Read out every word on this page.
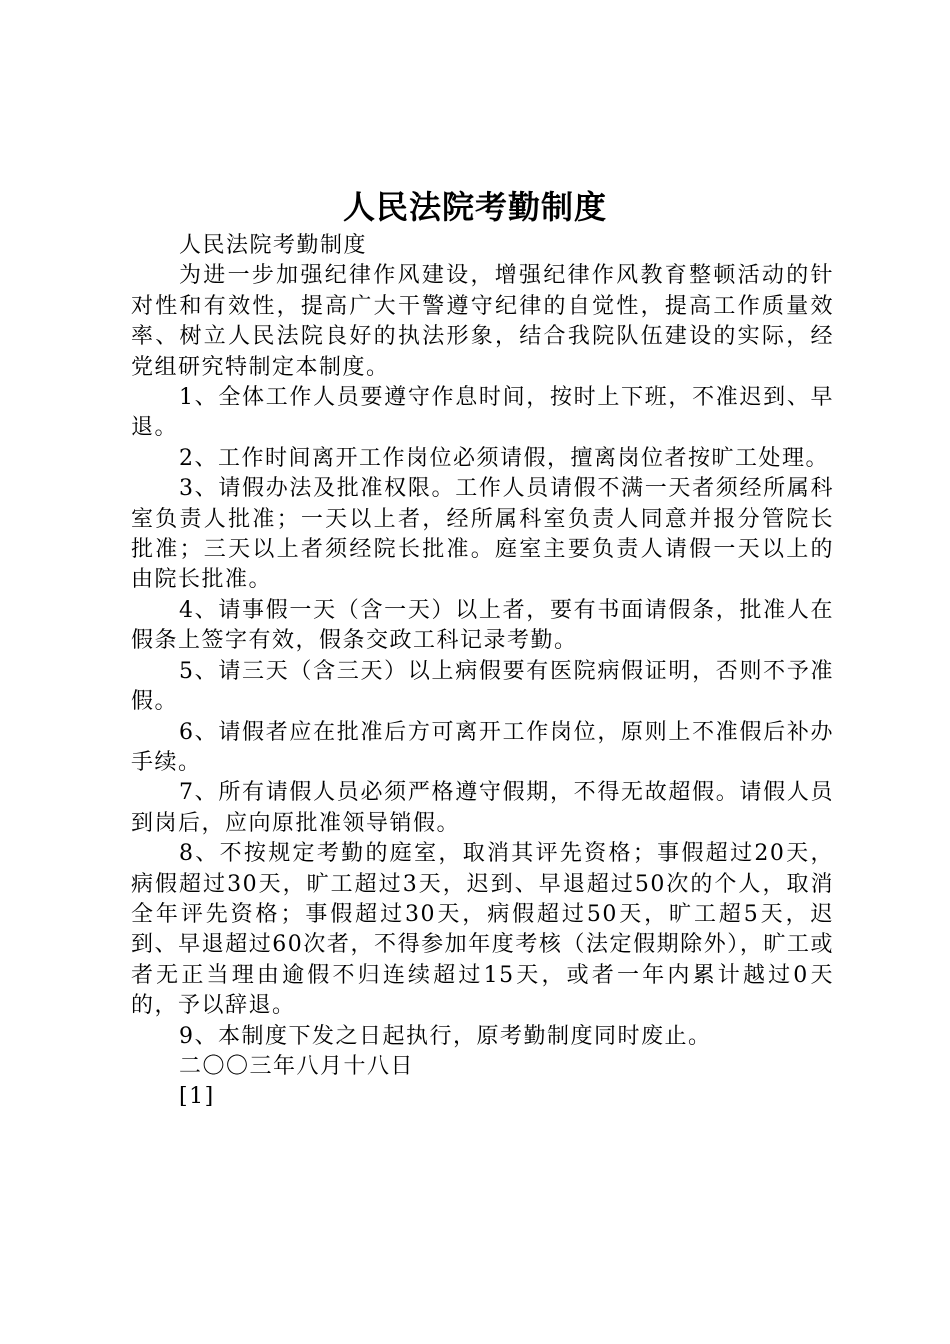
人民法院考勤制度

人民法院考勤制度

为进一步加强纪律作风建设，增强纪律作风教育整顿活动的针对性和有效性，提高广大干警遵守纪律的自觉性，提高工作质量效率、树立人民法院良好的执法形象，结合我院队伍建设的实际，经党组研究特制定本制度。

1、全体工作人员要遵守作息时间，按时上下班，不准迟到、早退。

2、工作时间离开工作岗位必须请假，擅离岗位者按旷工处理。

3、请假办法及批准权限。工作人员请假不满一天者须经所属科室负责人批准；一天以上者，经所属科室负责人同意并报分管院长批准；三天以上者须经院长批准。庭室主要负责人请假一天以上的由院长批准。

4、请事假一天（含一天）以上者，要有书面请假条，批准人在假条上签字有效，假条交政工科记录考勤。

5、请三天（含三天）以上病假要有医院病假证明，否则不予准假。

6、请假者应在批准后方可离开工作岗位，原则上不准假后补办手续。

7、所有请假人员必须严格遵守假期，不得无故超假。请假人员到岗后，应向原批准领导销假。

8、不按规定考勤的庭室，取消其评先资格；事假超过20天，病假超过30天，旷工超过3天，迟到、早退超过50次的个人，取消全年评先资格；事假超过30天，病假超过50天，旷工超5天，迟到、早退超过60次者，不得参加年度考核（法定假期除外），旷工或者无正当理由逾假不归连续超过15天，或者一年内累计越过0天的，予以辞退。

9、本制度下发之日起执行，原考勤制度同时废止。

二〇〇三年八月十八日

[1]
